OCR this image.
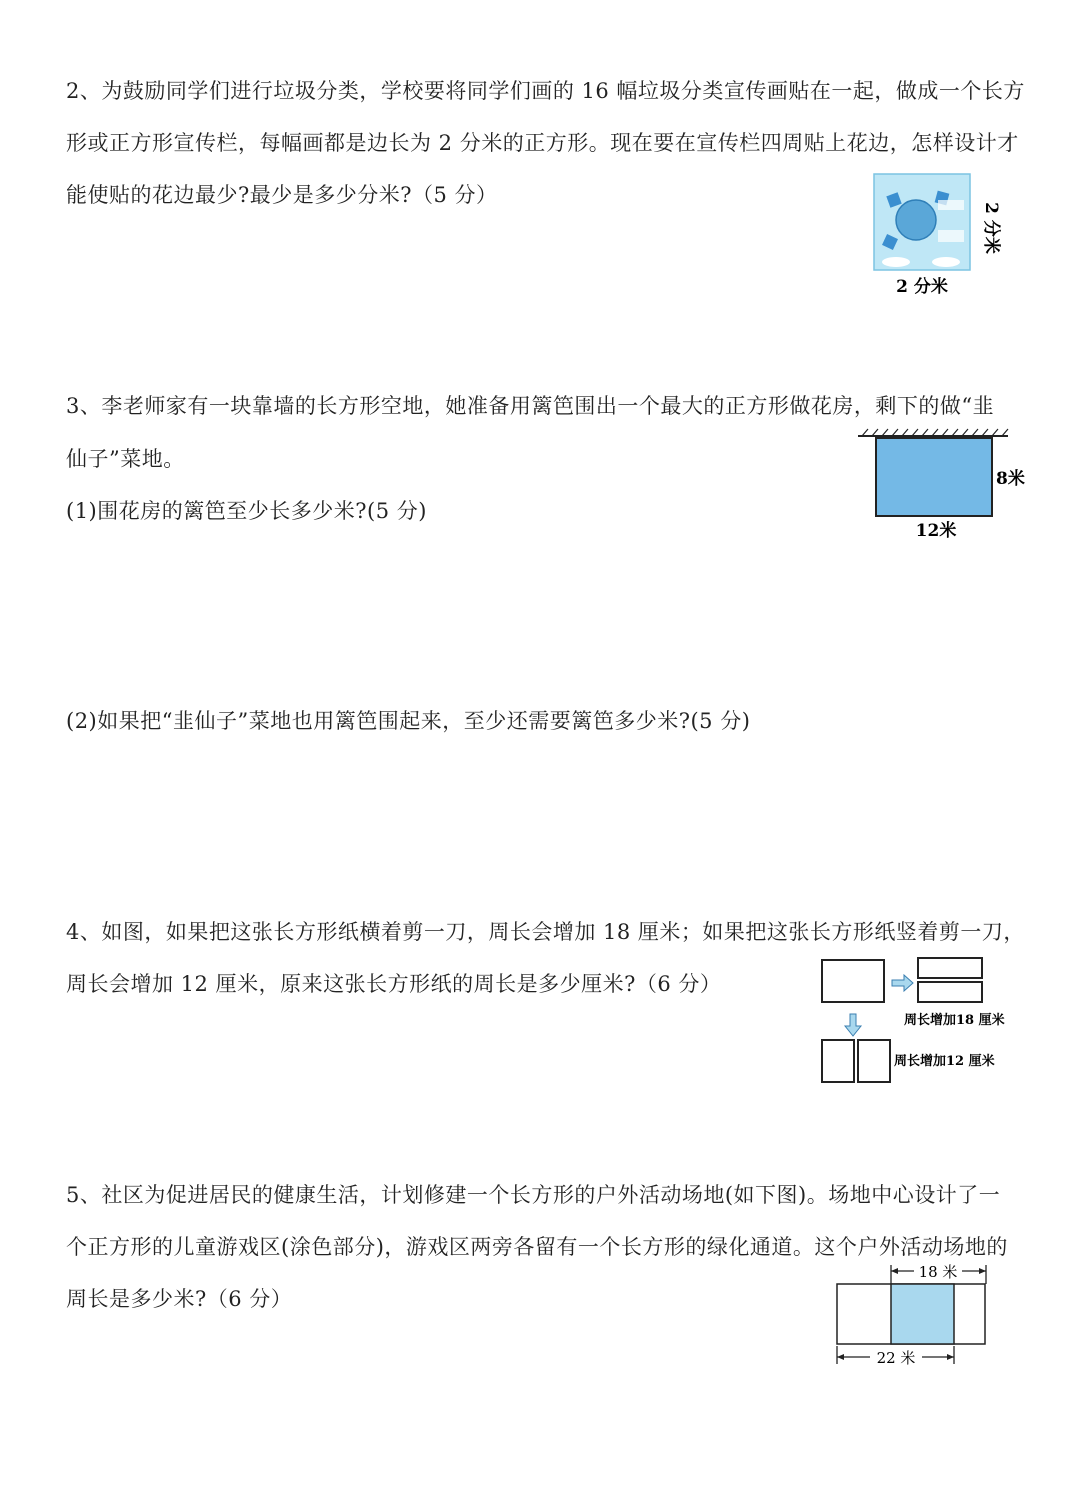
2、为鼓励同学们进行垃圾分类，学校要将同学们画的 16 幅垃圾分类宣传画贴在一起，做成一个长方
形或正方形宣传栏，每幅画都是边长为 2 分米的正方形。现在要在宣传栏四周贴上花边，怎样设计才
能使贴的花边最少?最少是多少分米?（5 分）
2 分米
2 分米
3、李老师家有一块靠墙的长方形空地，她准备用篱笆围出一个最大的正方形做花房，剩下的做“韭
仙子”菜地。
(1)围花房的篱笆至少长多少米?(5 分)
(2)如果把“韭仙子”菜地也用篱笆围起来，至少还需要篱笆多少米?(5 分)
8米
12米
4、如图，如果把这张长方形纸横着剪一刀，周长会增加 18 厘米；如果把这张长方形纸竖着剪一刀，
周长会增加 12 厘米，原来这张长方形纸的周长是多少厘米?（6 分）
周长增加18 厘米
周长增加12 厘米
5、社区为促进居民的健康生活，计划修建一个长方形的户外活动场地(如下图)。场地中心设计了一
个正方形的儿童游戏区(涂色部分)，游戏区两旁各留有一个长方形的绿化通道。这个户外活动场地的
周长是多少米?（6 分）
18 米
22 米
